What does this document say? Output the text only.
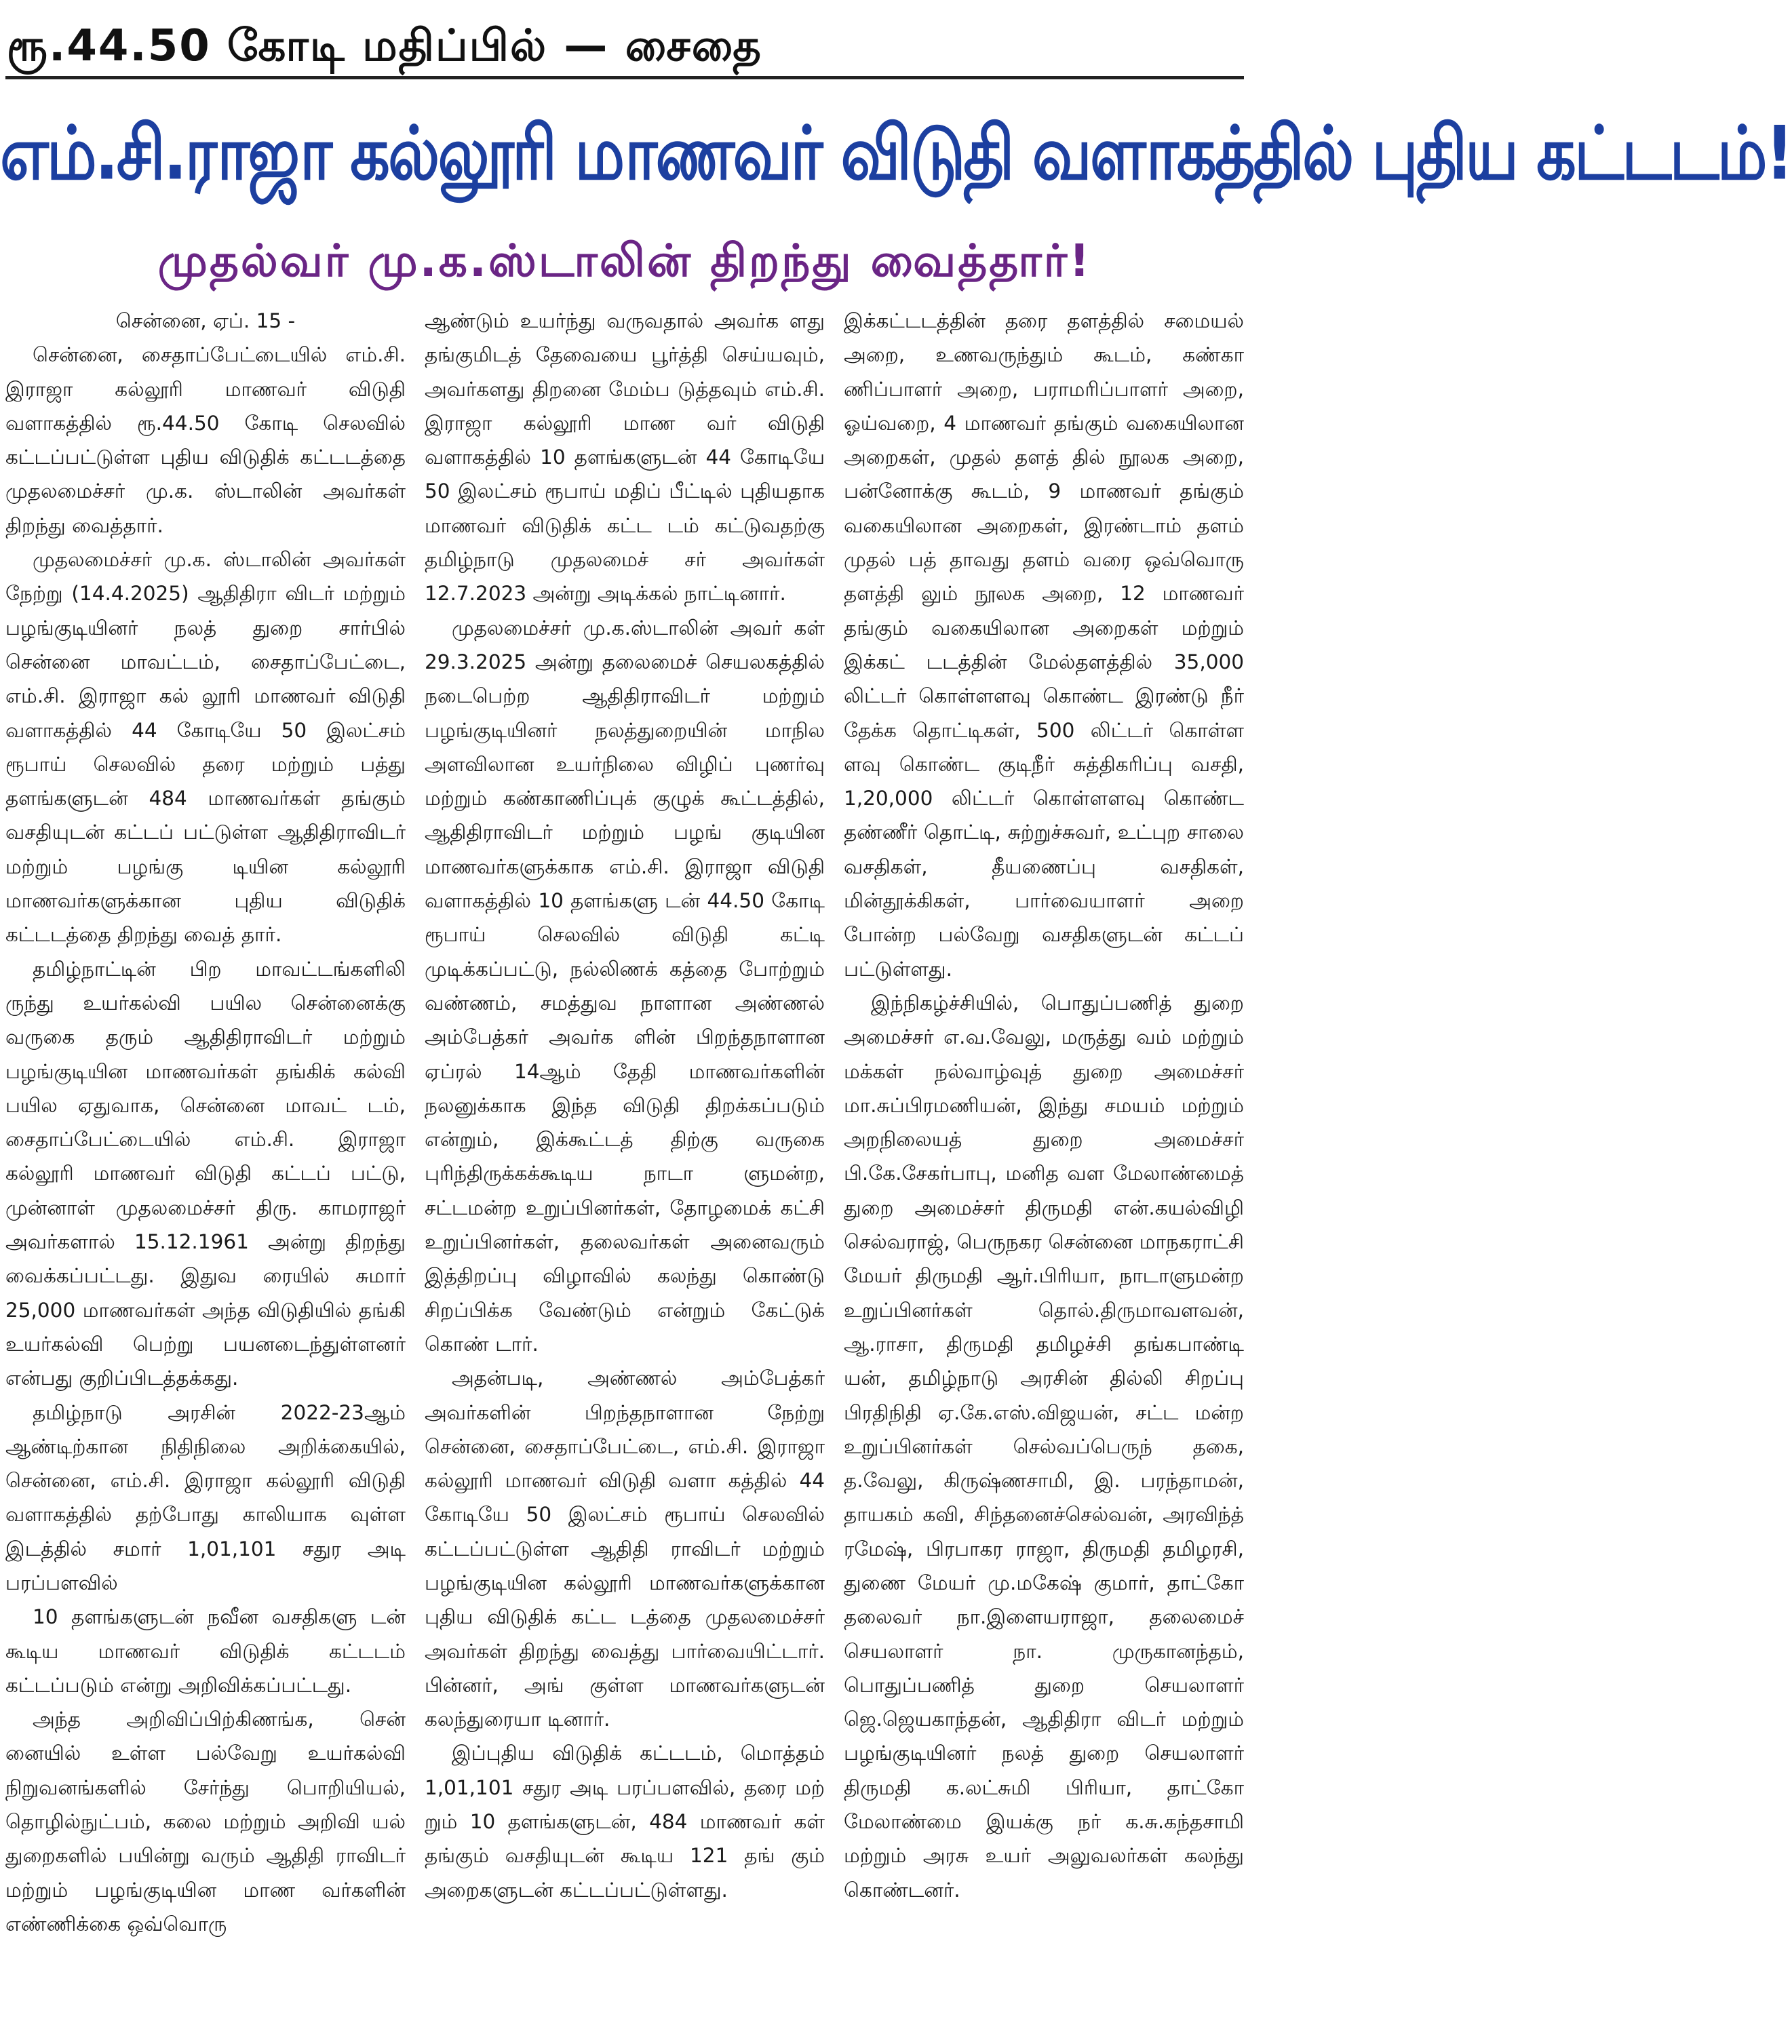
ரூ.44.50 கோடி மதிப்பில் — சைதை
எம்.சி.ராஜா கல்லூரி மாணவர் விடுதி வளாகத்தில் புதிய கட்டடம்!
முதல்வர் மு.க.ஸ்டாலின் திறந்து வைத்தார்!

சென்னை, ஏப். 15 -

சென்னை, சைதாப்பேட்டையில் எம்.சி. இராஜா கல்லூரி மாணவர் விடுதி வளாகத்தில் ரூ.44.50 கோடி செலவில் கட்டப்பட்டுள்ள புதிய விடுதிக் கட்டடத்தை முதலமைச்சர் மு.க. ஸ்டாலின் அவர்கள் திறந்து வைத்தார்.

முதலமைச்சர் மு.க. ஸ்டாலின் அவர்கள் நேற்று (14.4.2025) ஆதிதிரா விடர் மற்றும் பழங்குடியினர் நலத் துறை சார்பில் சென்னை மாவட்டம், சைதாப்பேட்டை, எம்.சி. இராஜா கல் லூரி மாணவர் விடுதி வளாகத்தில் 44 கோடியே 50 இலட்சம் ரூபாய் செலவில் தரை மற்றும் பத்து தளங்களுடன் 484 மாணவர்கள் தங்கும் வசதியுடன் கட்டப் பட்டுள்ள ஆதிதிராவிடர் மற்றும் பழங்கு டியின கல்லூரி மாணவர்களுக்கான புதிய விடுதிக் கட்டடத்தை திறந்து வைத் தார்.

தமிழ்நாட்டின் பிற மாவட்டங்களிலி ருந்து உயர்கல்வி பயில சென்னைக்கு வருகை தரும் ஆதிதிராவிடர் மற்றும் பழங்குடியின மாணவர்கள் தங்கிக் கல்வி பயில ஏதுவாக, சென்னை மாவட் டம், சைதாப்பேட்டையில் எம்.சி. இராஜா கல்லூரி மாணவர் விடுதி கட்டப் பட்டு, முன்னாள் முதலமைச்சர் திரு. காமராஜர் அவர்களால் 15.12.1961 அன்று திறந்து வைக்கப்பட்டது. இதுவ ரையில் சுமார் 25,000 மாணவர்கள் அந்த விடுதியில் தங்கி உயர்கல்வி பெற்று பயனடைந்துள்ளனர் என்பது குறிப்பிடத்தக்கது.

தமிழ்நாடு அரசின் 2022-23ஆம் ஆண்டிற்கான நிதிநிலை அறிக்கையில், சென்னை, எம்.சி. இராஜா கல்லூரி விடுதி வளாகத்தில் தற்போது காலியாக வுள்ள இடத்தில் சமார் 1,01,101 சதுர அடி பரப்பளவில்

10 தளங்களுடன் நவீன வசதிகளு டன் கூடிய மாணவர் விடுதிக் கட்டடம் கட்டப்படும் என்று அறிவிக்கப்பட்டது.

அந்த அறிவிப்பிற்கிணங்க, சென் னையில் உள்ள பல்வேறு உயர்கல்வி நிறுவனங்களில் சேர்ந்து பொறியியல், தொழில்நுட்பம், கலை மற்றும் அறிவி யல் துறைகளில் பயின்று வரும் ஆதிதி ராவிடர் மற்றும் பழங்குடியின மாண வர்களின் எண்ணிக்கை ஒவ்வொரு

ஆண்டும் உயர்ந்து வருவதால் அவர்க ளது தங்குமிடத் தேவையை பூர்த்தி செய்யவும், அவர்களது திறனை மேம்ப டுத்தவும் எம்.சி. இராஜா கல்லூரி மாண வர் விடுதி வளாகத்தில் 10 தளங்களுடன் 44 கோடியே 50 இலட்சம் ரூபாய் மதிப் பீட்டில் புதியதாக மாணவர் விடுதிக் கட்ட டம் கட்டுவதற்கு தமிழ்நாடு முதலமைச் சர் அவர்கள் 12.7.2023 அன்று அடிக்கல் நாட்டினார்.

முதலமைச்சர் மு.க.ஸ்டாலின் அவர் கள் 29.3.2025 அன்று தலைமைச் செயலகத்தில் நடைபெற்ற ஆதிதிராவிடர் மற்றும் பழங்குடியினர் நலத்துறையின் மாநில அளவிலான உயர்நிலை விழிப் புணர்வு மற்றும் கண்காணிப்புக் குழுக் கூட்டத்தில், ஆதிதிராவிடர் மற்றும் பழங் குடியின மாணவர்களுக்காக எம்.சி. இராஜா விடுதி வளாகத்தில் 10 தளங்களு டன் 44.50 கோடி ரூபாய் செலவில் விடுதி கட்டி முடிக்கப்பட்டு, நல்லிணக் கத்தை போற்றும் வண்ணம், சமத்துவ நாளான அண்ணல் அம்பேத்கர் அவர்க ளின் பிறந்தநாளான ஏப்ரல் 14ஆம் தேதி மாணவர்களின் நலனுக்காக இந்த விடுதி திறக்கப்படும் என்றும், இக்கூட்டத் திற்கு வருகை புரிந்திருக்கக்கூடிய நாடா ளுமன்ற, சட்டமன்ற உறுப்பினர்கள், தோழமைக் கட்சி உறுப்பினர்கள், தலைவர்கள் அனைவரும் இத்திறப்பு விழாவில் கலந்து கொண்டு சிறப்பிக்க வேண்டும் என்றும் கேட்டுக் கொண் டார்.

அதன்படி, அண்ணல் அம்பேத்கர் அவர்களின் பிறந்தநாளான நேற்று சென்னை, சைதாப்பேட்டை, எம்.சி. இராஜா கல்லூரி மாணவர் விடுதி வளா கத்தில் 44 கோடியே 50 இலட்சம் ரூபாய் செலவில் கட்டப்பட்டுள்ள ஆதிதி ராவிடர் மற்றும் பழங்குடியின கல்லூரி மாணவர்களுக்கான புதிய விடுதிக் கட்ட டத்தை முதலமைச்சர் அவர்கள் திறந்து வைத்து பார்வையிட்டார். பின்னர், அங் குள்ள மாணவர்களுடன் கலந்துரையா டினார்.

இப்புதிய விடுதிக் கட்டடம், மொத்தம் 1,01,101 சதுர அடி பரப்பளவில், தரை மற் றும் 10 தளங்களுடன், 484 மாணவர் கள் தங்கும் வசதியுடன் கூடிய 121 தங் கும் அறைகளுடன் கட்டப்பட்டுள்ளது.

இக்கட்டடத்தின் தரை தளத்தில் சமையல் அறை, உணவருந்தும் கூடம், கண்கா ணிப்பாளர் அறை, பராமரிப்பாளர் அறை, ஓய்வறை, 4 மாணவர் தங்கும் வகையிலான அறைகள், முதல் தளத் தில் நூலக அறை, பன்னோக்கு கூடம், 9 மாணவர் தங்கும் வகையிலான அறைகள், இரண்டாம் தளம் முதல் பத் தாவது தளம் வரை ஒவ்வொரு தளத்தி லும் நூலக அறை, 12 மாணவர் தங்கும் வகையிலான அறைகள் மற்றும் இக்கட் டடத்தின் மேல்தளத்தில் 35,000 லிட்டர் கொள்ளளவு கொண்ட இரண்டு நீர் தேக்க தொட்டிகள், 500 லிட்டர் கொள்ள ளவு கொண்ட குடிநீர் சுத்திகரிப்பு வசதி, 1,20,000 லிட்டர் கொள்ளளவு கொண்ட தண்ணீர் தொட்டி, சுற்றுச்சுவர், உட்புற சாலை வசதிகள், தீயணைப்பு வசதிகள், மின்தூக்கிகள், பார்வையாளர் அறை போன்ற பல்வேறு வசதிகளுடன் கட்டப் பட்டுள்ளது.

இந்நிகழ்ச்சியில், பொதுப்பணித் துறை அமைச்சர் எ.வ.வேலு, மருத்து வம் மற்றும் மக்கள் நல்வாழ்வுத் துறை அமைச்சர் மா.சுப்பிரமணியன், இந்து சமயம் மற்றும் அறநிலையத் துறை அமைச்சர் பி.கே.சேகர்பாபு, மனித வள மேலாண்மைத் துறை அமைச்சர் திருமதி என்.கயல்விழி செல்வராஜ், பெருநகர சென்னை மாநகராட்சி மேயர் திருமதி ஆர்.பிரியா, நாடாளுமன்ற உறுப்பினர்கள் தொல்.திருமாவளவன், ஆ.ராசா, திருமதி தமிழச்சி தங்கபாண்டி யன், தமிழ்நாடு அரசின் தில்லி சிறப்பு பிரதிநிதி ஏ.கே.எஸ்.விஜயன், சட்ட மன்ற உறுப்பினர்கள் செல்வப்பெருந் தகை, த.வேலு, கிருஷ்ணசாமி, இ. பரந்தாமன், தாயகம் கவி, சிந்தனைச்செல்வன், அரவிந்த் ரமேஷ், பிரபாகர ராஜா, திருமதி தமிழரசி, துணை மேயர் மு.மகேஷ் குமார், தாட்கோ தலைவர் நா.இளையராஜா, தலைமைச் செயலாளர் நா. முருகானந்தம், பொதுப்பணித் துறை செயலாளர் ஜெ.ஜெயகாந்தன், ஆதிதிரா விடர் மற்றும் பழங்குடியினர் நலத் துறை செயலாளர் திருமதி க.லட்சுமி பிரியா, தாட்கோ மேலாண்மை இயக்கு நர் க.சு.கந்தசாமி மற்றும் அரசு உயர் அலுவலர்கள் கலந்து கொண்டனர்.
